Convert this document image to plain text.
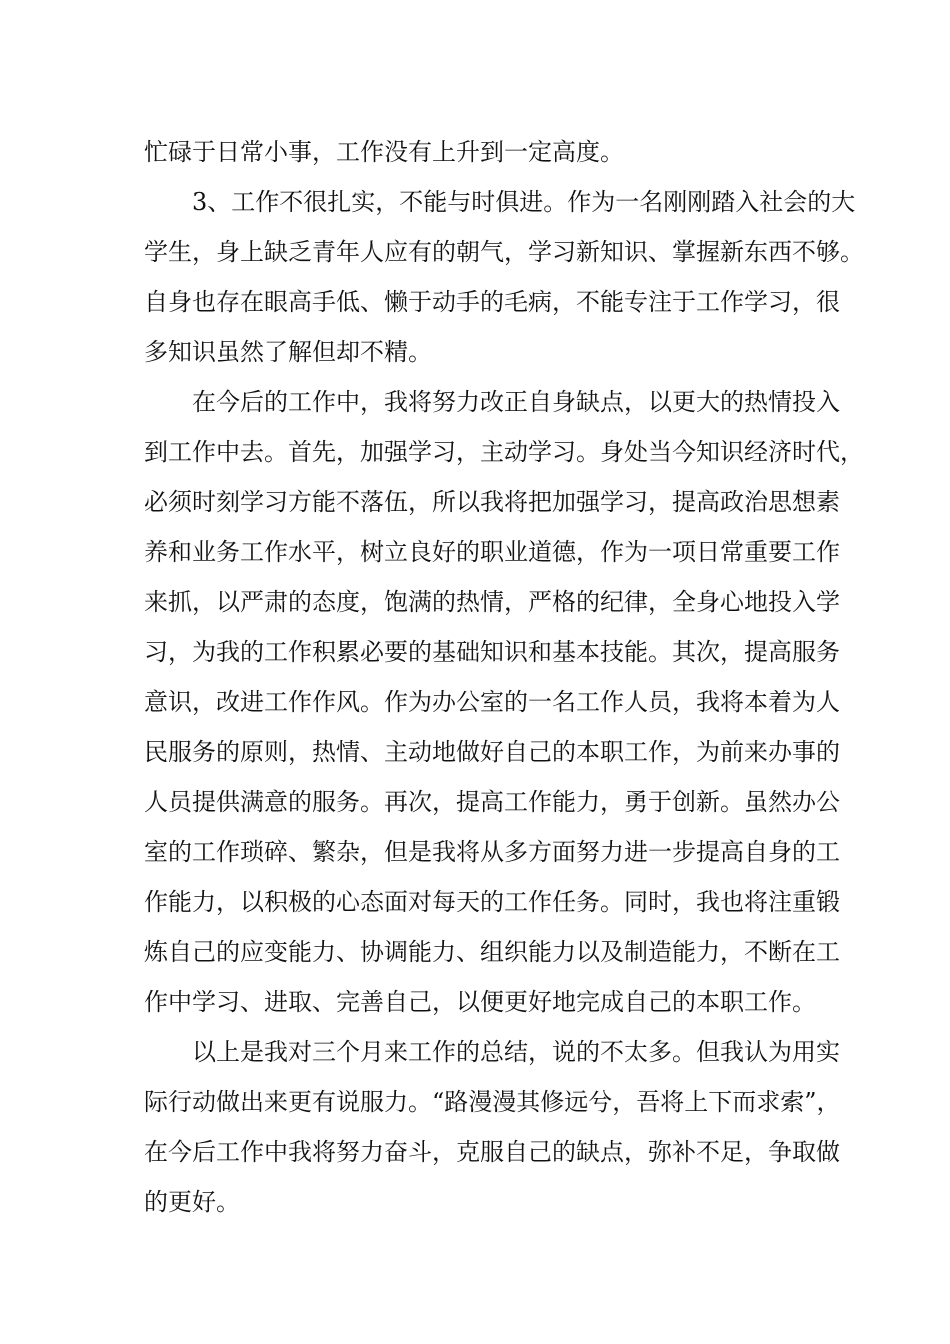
忙碌于日常小事，工作没有上升到一定高度。
3、工作不很扎实，不能与时俱进。作为一名刚刚踏入社会的大
学生，身上缺乏青年人应有的朝气，学习新知识、掌握新东西不够。
自身也存在眼高手低、懒于动手的毛病，不能专注于工作学习，很
多知识虽然了解但却不精。
在今后的工作中，我将努力改正自身缺点，以更大的热情投入
到工作中去。首先，加强学习，主动学习。身处当今知识经济时代，
必须时刻学习方能不落伍，所以我将把加强学习，提高政治思想素
养和业务工作水平，树立良好的职业道德，作为一项日常重要工作
来抓，以严肃的态度，饱满的热情，严格的纪律，全身心地投入学
习，为我的工作积累必要的基础知识和基本技能。其次，提高服务
意识，改进工作作风。作为办公室的一名工作人员，我将本着为人
民服务的原则，热情、主动地做好自己的本职工作，为前来办事的
人员提供满意的服务。再次，提高工作能力，勇于创新。虽然办公
室的工作琐碎、繁杂，但是我将从多方面努力进一步提高自身的工
作能力，以积极的心态面对每天的工作任务。同时，我也将注重锻
炼自己的应变能力、协调能力、组织能力以及制造能力，不断在工
作中学习、进取、完善自己，以便更好地完成自己的本职工作。
以上是我对三个月来工作的总结，说的不太多。但我认为用实
际行动做出来更有说服力。“路漫漫其修远兮，吾将上下而求索”，
在今后工作中我将努力奋斗，克服自己的缺点，弥补不足，争取做
的更好。
